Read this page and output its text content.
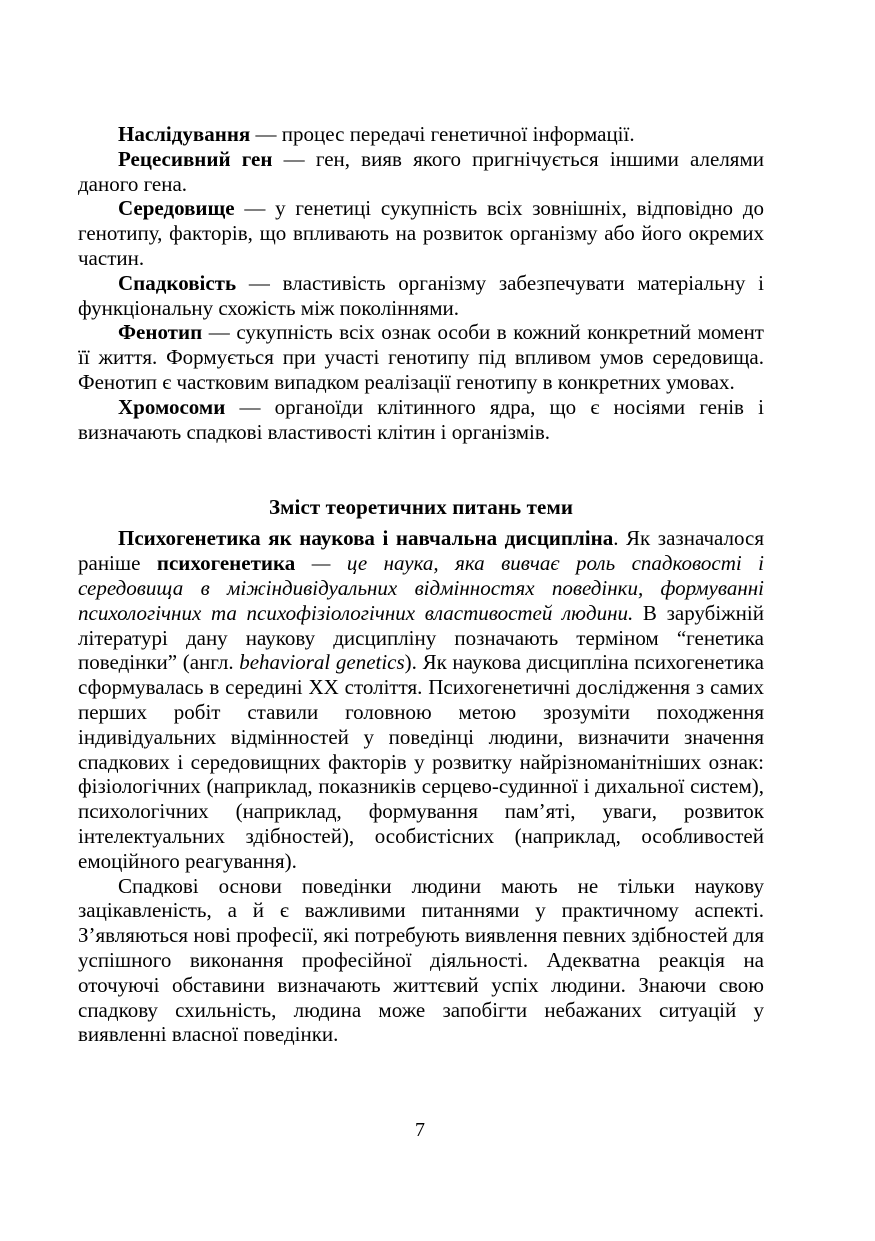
Наслідування — процес передачі генетичної інформації.

Рецесивний ген — ген, вияв якого пригнічується іншими алелями даного гена.

Середовище — у генетиці сукупність всіх зовнішніх, відповідно до генотипу, факторів, що впливають на розвиток організму або його окремих частин.

Спадковість — властивість організму забезпечувати матеріальну і функціональну схожість між поколіннями.

Фенотип — сукупність всіх ознак особи в кожний конкретний момент її життя. Формується при участі генотипу під впливом умов середовища. Фенотип є частковим випадком реалізації генотипу в конкретних умовах.

Хромосоми — органоїди клітинного ядра, що є носіями генів і визначають спадкові властивості клітин і організмів.

Зміст теоретичних питань теми

Психогенетика як наукова і навчальна дисципліна. Як зазначалося раніше психогенетика — це наука, яка вивчає роль спадковості і середовища в міжіндивідуальних відмінностях поведінки, формуванні психологічних та психофізіологічних властивостей людини. В зарубіжній літературі дану наукову дисципліну позначають терміном “генетика поведінки” (англ. behavioral genetics). Як наукова дисципліна психогенетика сформувалась в середині XX століття. Психогенетичні дослідження з самих перших робіт ставили головною метою зрозуміти походження індивідуальних відмінностей у поведінці людини, визначити значення спадкових і середовищних факторів у розвитку найрізноманітніших ознак: фізіологічних (наприклад, показників серцево-судинної і дихальної систем), психологічних (наприклад, формування пам’яті, уваги, розвиток інтелектуальних здібностей), особистісних (наприклад, особливостей емоційного реагування).

Спадкові основи поведінки людини мають не тільки наукову зацікавленість, а й є важливими питаннями у практичному аспекті. З’являються нові професії, які потребують виявлення певних здібностей для успішного виконання професійної діяльності. Адекватна реакція на оточуючі обставини визначають життєвий успіх людини. Знаючи свою спадкову схильність, людина може запобігти небажаних ситуацій у виявленні власної поведінки.

7
